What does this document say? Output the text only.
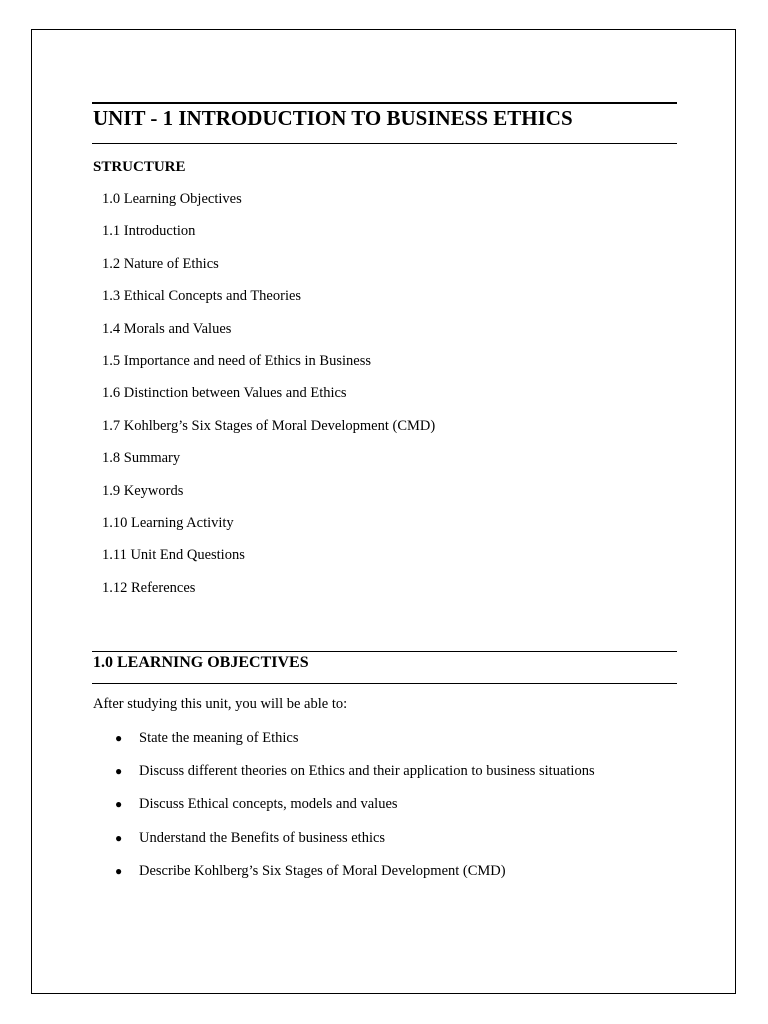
UNIT - 1 INTRODUCTION TO BUSINESS ETHICS
STRUCTURE
1.0 Learning Objectives
1.1 Introduction
1.2 Nature of Ethics
1.3 Ethical Concepts and Theories
1.4 Morals and Values
1.5 Importance and need of Ethics in Business
1.6 Distinction between Values and Ethics
1.7 Kohlberg’s Six Stages of Moral Development (CMD)
1.8 Summary
1.9 Keywords
1.10 Learning Activity
1.11 Unit End Questions
1.12 References
1.0 LEARNING OBJECTIVES

After studying this unit, you will be able to:

● State the meaning of Ethics
● Discuss different theories on Ethics and their application to business situations
● Discuss Ethical concepts, models and values
● Understand the Benefits of business ethics
● Describe Kohlberg’s Six Stages of Moral Development (CMD)
